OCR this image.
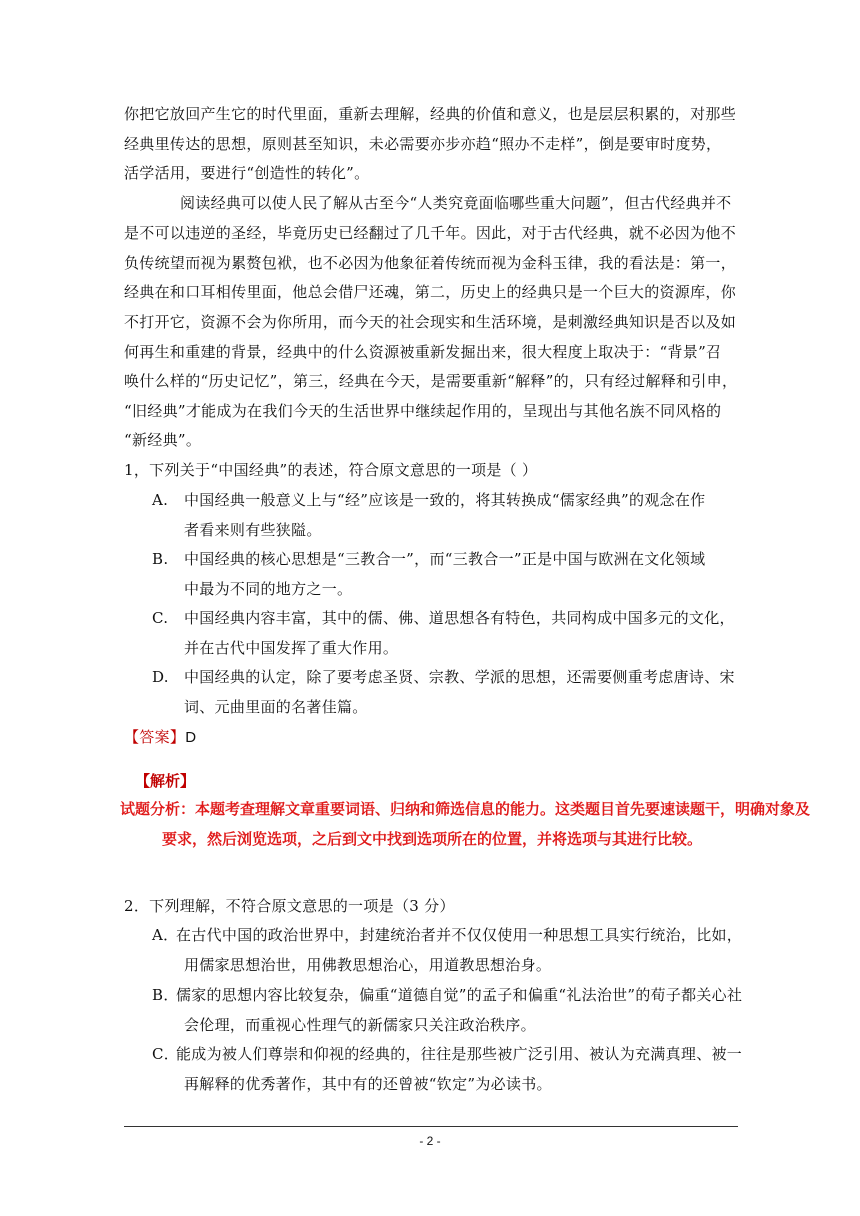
你把它放回产生它的时代里面，重新去理解，经典的价值和意义，也是层层积累的，对那些
经典里传达的思想，原则甚至知识，未必需要亦步亦趋“照办不走样”，倒是要审时度势，
活学活用，要进行“创造性的转化”。
阅读经典可以使人民了解从古至今“人类究竟面临哪些重大问题”，但古代经典并不
是不可以违逆的圣经，毕竟历史已经翻过了几千年。因此，对于古代经典，就不必因为他不
负传统望而视为累赘包袱，也不必因为他象征着传统而视为金科玉律，我的看法是：第一，
经典在和口耳相传里面，他总会借尸还魂，第二，历史上的经典只是一个巨大的资源库，你
不打开它，资源不会为你所用，而今天的社会现实和生活环境，是刺激经典知识是否以及如
何再生和重建的背景，经典中的什么资源被重新发掘出来，很大程度上取决于：“背景”召
唤什么样的“历史记忆”，第三，经典在今天，是需要重新“解释”的，只有经过解释和引申，
“旧经典”才能成为在我们今天的生活世界中继续起作用的，呈现出与其他名族不同风格的
“新经典”。
1，下列关于“中国经典”的表述，符合原文意思的一项是（ ）
A. 中国经典一般意义上与“经”应该是一致的，将其转换成“儒家经典”的观念在作
者看来则有些狭隘。
B. 中国经典的核心思想是“三教合一”，而“三教合一”正是中国与欧洲在文化领域
中最为不同的地方之一。
C. 中国经典内容丰富，其中的儒、佛、道思想各有特色，共同构成中国多元的文化，
并在古代中国发挥了重大作用。
D. 中国经典的认定，除了要考虑圣贤、宗教、学派的思想，还需要侧重考虑唐诗、宋
词、元曲里面的名著佳篇。
【答案】D
【解析】
试题分析：本题考查理解文章重要词语、归纳和筛选信息的能力。这类题目首先要速读题干，明确对象及
要求，然后浏览选项，之后到文中找到选项所在的位置，并将选项与其进行比较。
2．下列理解，不符合原文意思的一项是（3 分）
A．
在古代中国的政治世界中，封建统治者并不仅仅使用一种思想工具实行统治，比如，
用儒家思想治世，用佛教思想治心，用道教思想治身。
B．
儒家的思想内容比较复杂，偏重“道德自觉”的孟子和偏重“礼法治世”的荀子都关心社
会伦理，而重视心性理气的新儒家只关注政治秩序。
C．
能成为被人们尊崇和仰视的经典的，往往是那些被广泛引用、被认为充满真理、被一
再解释的优秀著作，其中有的还曾被“钦定”为必读书。
- 2 -
